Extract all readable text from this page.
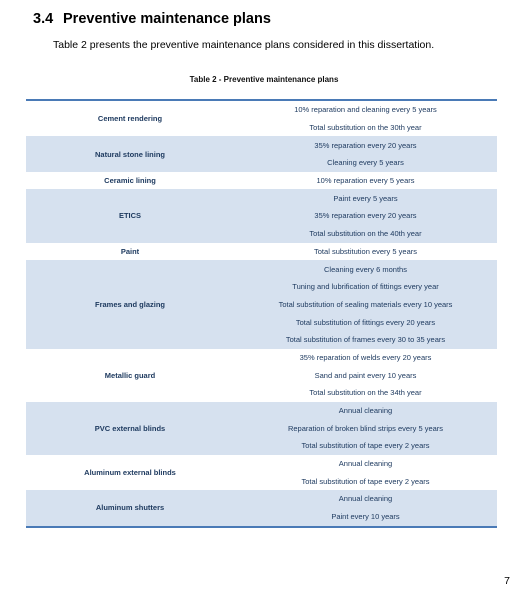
3.4 Preventive maintenance plans
Table 2 presents the preventive maintenance plans considered in this dissertation.
Table 2 - Preventive maintenance plans
Cement rendering
10% reparation and cleaning every 5 years
Total substitution on the 30th year
Natural stone lining
35% reparation every 20 years
Cleaning every 5 years
Ceramic lining	10% reparation every 5 years
ETICS
Paint every 5 years
35% reparation every 20 years
Total substitution on the 40th year
Paint	Total substitution every 5 years
Frames and glazing
Cleaning every 6 months
Tuning and lubrification of fittings every year
Total substitution of sealing materials every 10 years
Total substitution of fittings every 20 years
Total substitution of frames every 30 to 35 years
Metallic guard
35% reparation of welds every 20 years
Sand and paint every 10 years
Total substitution on the 34th year
PVC external blinds
Annual cleaning
Reparation of broken blind strips every 5 years
Total substitution of tape every 2 years
Aluminum external blinds
Annual cleaning
Total substitution of tape every 2 years
Aluminum shutters
Annual cleaning
Paint every 10 years
7
